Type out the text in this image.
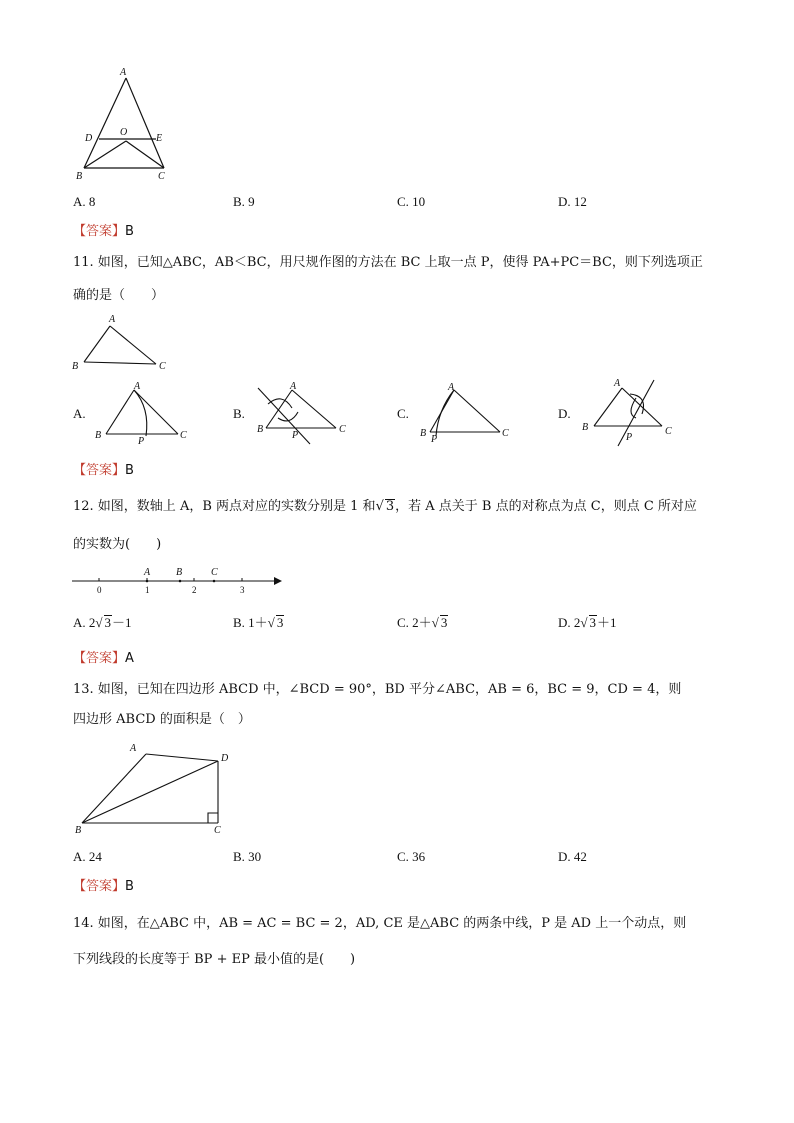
A
D
O
E
B	C
A. 8	B. 9	C. 10	D. 12
【答案】B
11. 如图，已知△ABC，AB＜BC，用尺规作图的方法在 BC 上取一点 P，使得 PA+PC＝BC，则下列选项正
确的是（　　）
A
B	C
A.
A
B	C
P
B.
A
B	C
P
C.
A
B	C
P
D.
A
B	C
P
【答案】B
12. 如图，数轴上 A，B 两点对应的实数分别是 1 和√ 3，若 A 点关于 B 点的对称点为点 C，则点 C 所对应
的实数为(　　)
A	B	C
0	1	2	3
A. 2√ 3－1	B. 1＋√ 3	C. 2＋√ 3	D. 2√ 3＋1
【答案】A
13. 如图，已知在四边形 ABCD 中，∠BCD = 90°，BD 平分∠ABC，AB = 6，BC = 9，CD = 4，则
四边形 ABCD 的面积是（　）
A
D
B	C
A. 24	B. 30	C. 36	D. 42
【答案】B
14. 如图，在△ABC 中，AB = AC = BC = 2，AD, CE 是△ABC 的两条中线，P 是 AD 上一个动点，则
下列线段的长度等于 BP + EP 最小值的是(　　)
